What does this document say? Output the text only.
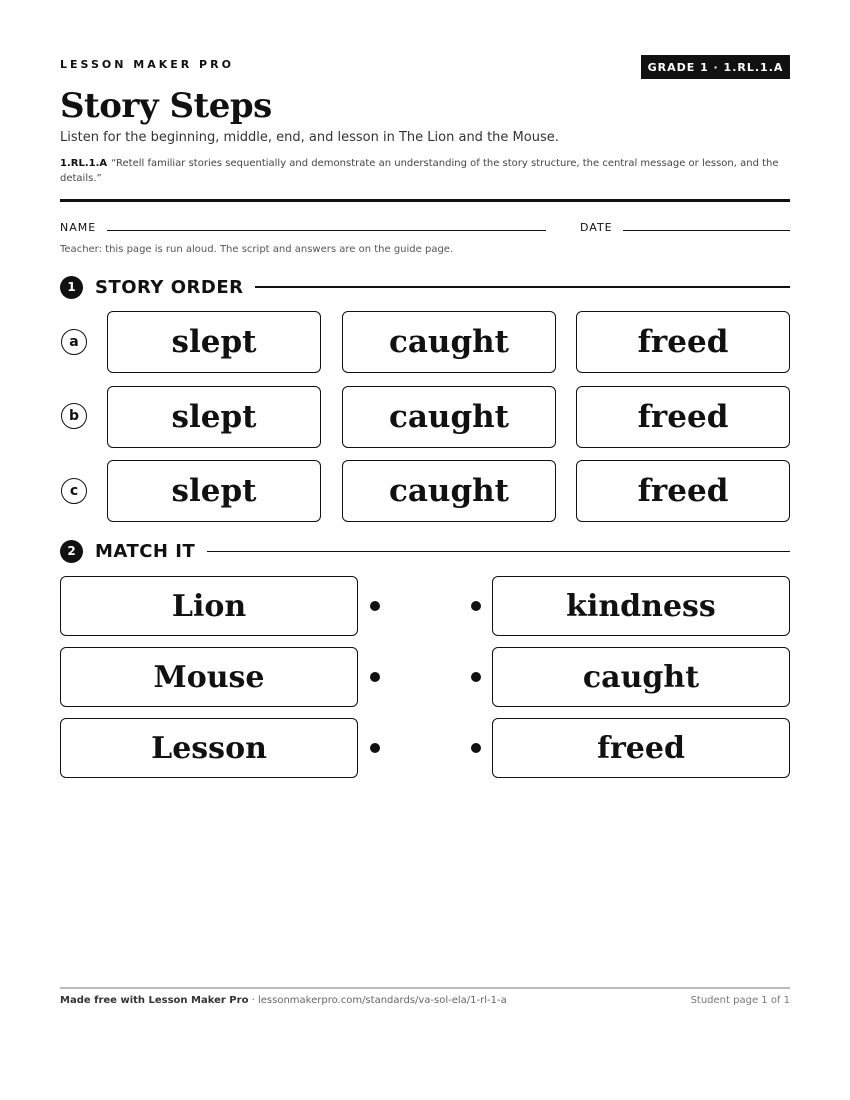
LESSON MAKER PRO	GRADE 1 · 1.RL.1.A
Story Steps
Listen for the beginning, middle, end, and lesson in The Lion and the Mouse.
1.RL.1.A “Retell familiar stories sequentially and demonstrate an understanding of the story structure, the central message or lesson, and the details.”
NAME	DATE
Teacher: this page is run aloud. The script and answers are on the guide page.
1	STORY ORDER
a	slept	caught	freed
b	slept	caught	freed
c	slept	caught	freed
2	MATCH IT
Lion	kindness
Mouse	caught
Lesson	freed
Made free with Lesson Maker Pro · lessonmakerpro.com/standards/va-sol-ela/1-rl-1-a	Student page 1 of 1
